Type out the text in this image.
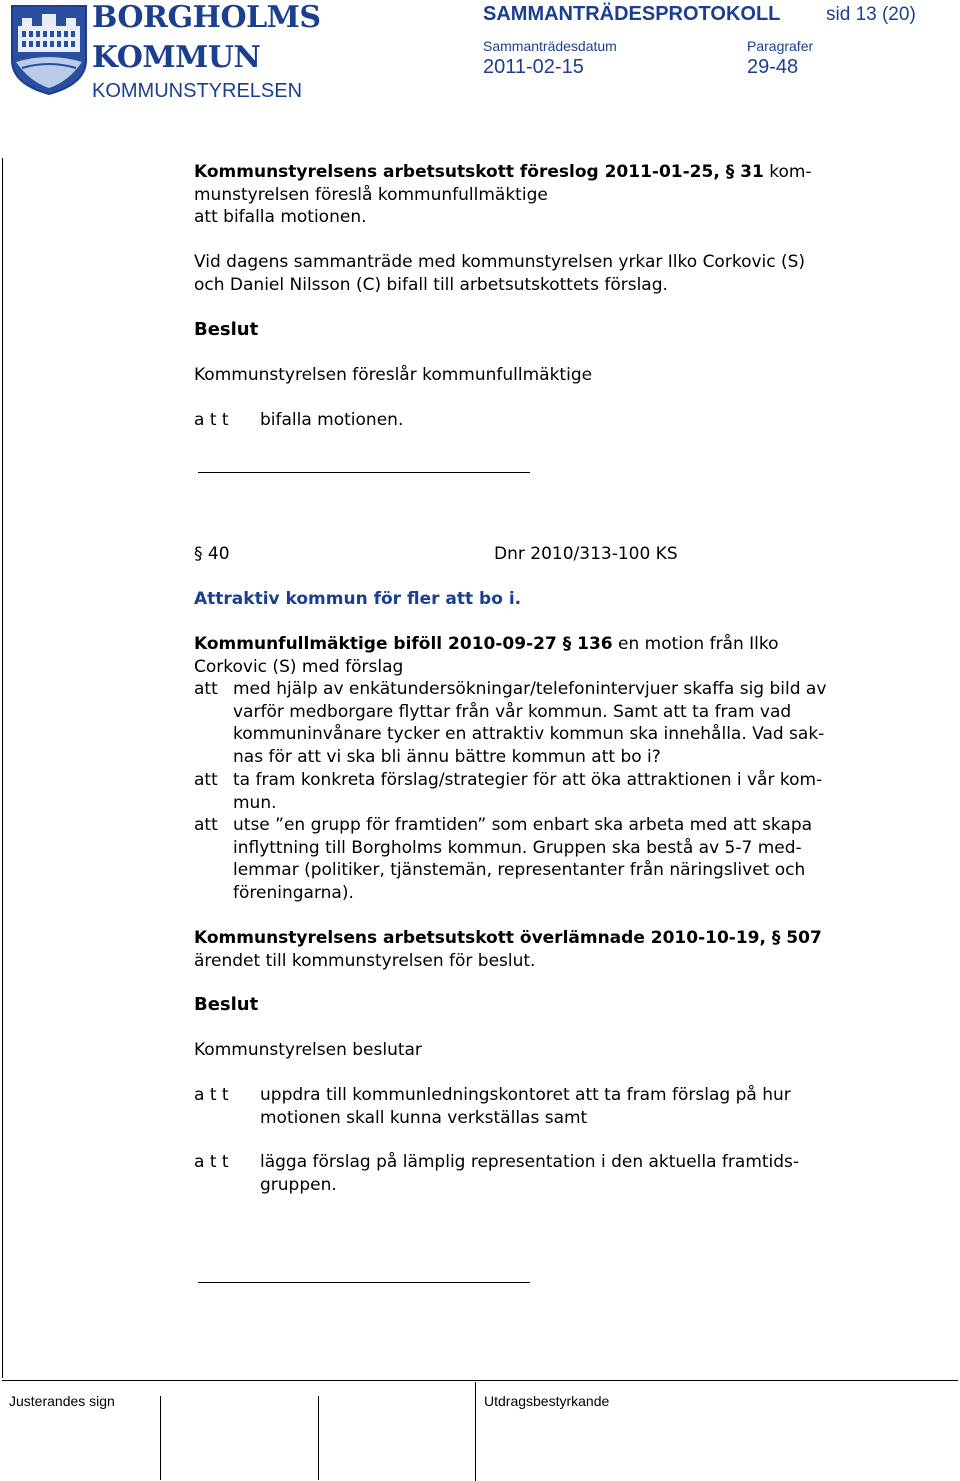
BORGHOLMS
KOMMUN
KOMMUNSTYRELSEN
SAMMANTRÄDESPROTOKOLL sid 13 (20)
Sammanträdesdatum
2011-02-15
Paragrafer
29-48
Kommunstyrelsens arbetsutskott föreslog 2011-01-25, § 31 kom-
munstyrelsen föreslå kommunfullmäktige
att bifalla motionen.
Vid dagens sammanträde med kommunstyrelsen yrkar Ilko Corkovic (S)
och Daniel Nilsson (C) bifall till arbetsutskottets förslag.
Beslut
Kommunstyrelsen föreslår kommunfullmäktige
a t t bifalla motionen.
§ 40	Dnr 2010/313-100 KS
Attraktiv kommun för fler att bo i.
Kommunfullmäktige biföll 2010-09-27 § 136 en motion från Ilko
Corkovic (S) med förslag
att med hjälp av enkätundersökningar/telefonintervjuer skaffa sig bild av
varför medborgare flyttar från vår kommun. Samt att ta fram vad
kommuninvånare tycker en attraktiv kommun ska innehålla. Vad sak-
nas för att vi ska bli ännu bättre kommun att bo i?
att ta fram konkreta förslag/strategier för att öka attraktionen i vår kom-
mun.
att utse ”en grupp för framtiden” som enbart ska arbeta med att skapa
inflyttning till Borgholms kommun. Gruppen ska bestå av 5-7 med-
lemmar (politiker, tjänstemän, representanter från näringslivet och
föreningarna).
Kommunstyrelsens arbetsutskott överlämnade 2010-10-19, § 507
ärendet till kommunstyrelsen för beslut.
Beslut
Kommunstyrelsen beslutar
a t t uppdra till kommunledningskontoret att ta fram förslag på hur
motionen skall kunna verkställas samt
a t t lägga förslag på lämplig representation i den aktuella framtids-
gruppen.
Justerandes sign	Utdragsbestyrkande
